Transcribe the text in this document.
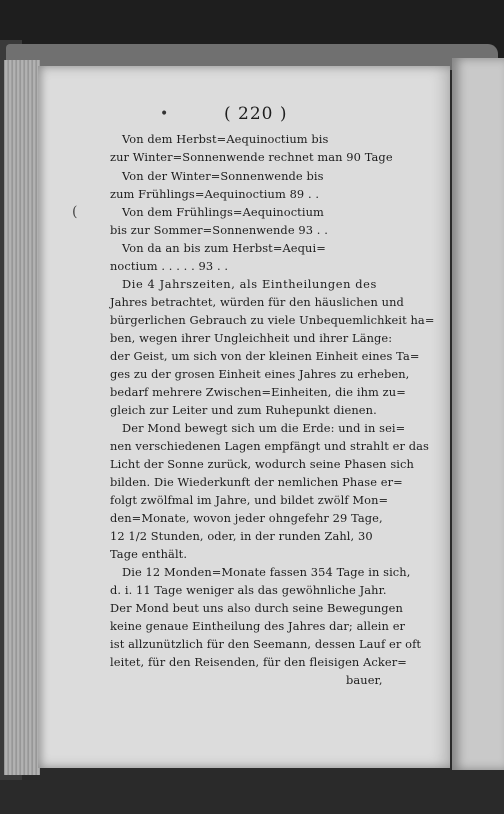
•
(
( 220 )
Von dem Herbst=Aequinoctium bis
zur Winter=Sonnenwende rechnet man 90 Tage
Von der Winter=Sonnenwende bis
zum Frühlings=Aequinoctium 89 . .
Von dem Frühlings=Aequinoctium
bis zur Sommer=Sonnenwende 93 . .
Von da an bis zum Herbst=Aequi=
noctium . . . . . 93 . .
Die 4 Jahrszeiten, als Eintheilungen des
Jahres betrachtet, würden für den häuslichen und
bürgerlichen Gebrauch zu viele Unbequemlichkeit ha=
ben, wegen ihrer Ungleichheit und ihrer Länge:
der Geist, um sich von der kleinen Einheit eines Ta=
ges zu der grosen Einheit eines Jahres zu erheben,
bedarf mehrere Zwischen=Einheiten, die ihm zu=
gleich zur Leiter und zum Ruhepunkt dienen.
Der Mond bewegt sich um die Erde: und in sei=
nen verschiedenen Lagen empfängt und strahlt er das
Licht der Sonne zurück, wodurch seine Phasen sich
bilden. Die Wiederkunft der nemlichen Phase er=
folgt zwölfmal im Jahre, und bildet zwölf Mon=
den=Monate, wovon jeder ohngefehr 29 Tage,
12 1/2 Stunden, oder, in der runden Zahl, 30
Tage enthält.
Die 12 Monden=Monate fassen 354 Tage in sich,
d. i. 11 Tage weniger als das gewöhnliche Jahr.
Der Mond beut uns also durch seine Bewegungen
keine genaue Eintheilung des Jahres dar; allein er
ist allzunützlich für den Seemann, dessen Lauf er oft
leitet, für den Reisenden, für den fleisigen Acker=
bauer,
